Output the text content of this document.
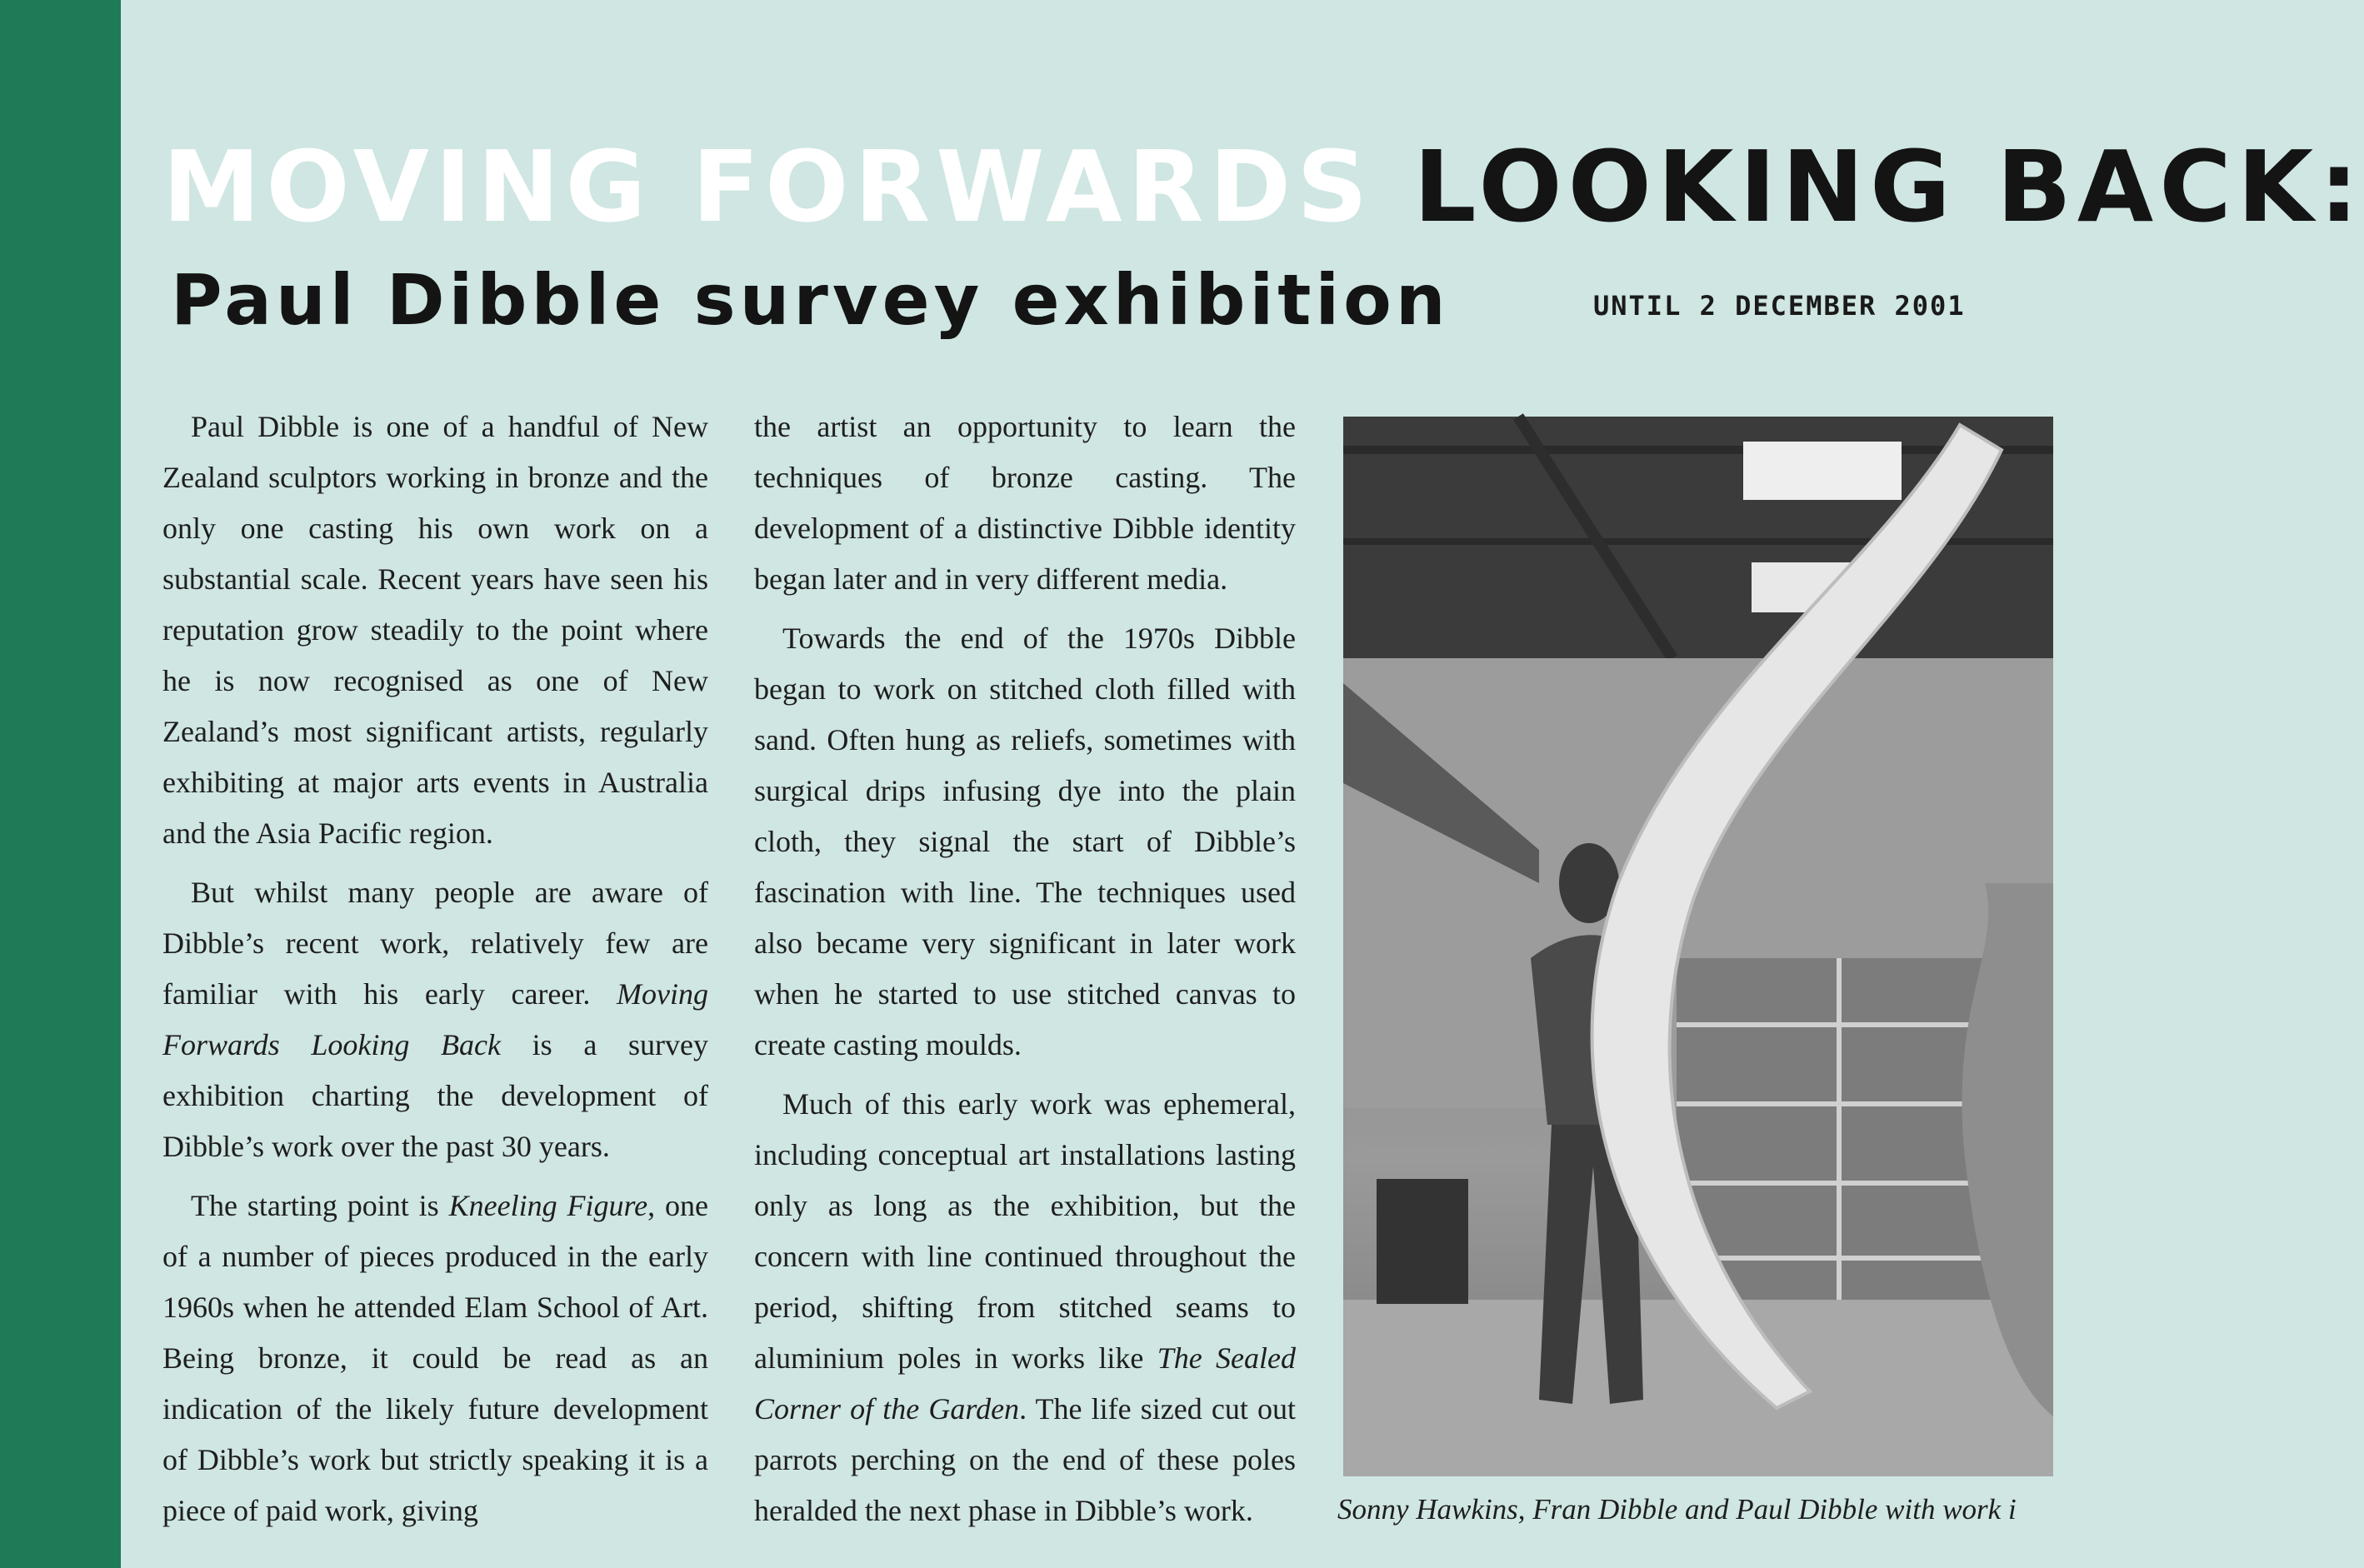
MOVING FORWARDS LOOKING BACK:
Paul Dibble survey exhibition	UNTIL 2 DECEMBER 2001

Paul Dibble is one of a handful of New Zealand sculptors working in bronze and the only one casting his own work on a substantial scale. Recent years have seen his reputation grow steadily to the point where he is now recognised as one of New Zealand’s most significant artists, regularly exhibiting at major arts events in Australia and the Asia Pacific region.

But whilst many people are aware of Dibble’s recent work, relatively few are familiar with his early career. Moving Forwards Looking Back is a survey exhibition charting the development of Dibble’s work over the past 30 years.

The starting point is Kneeling Figure, one of a number of pieces produced in the early 1960s when he attended Elam School of Art. Being bronze, it could be read as an indication of the likely future development of Dibble’s work but strictly speaking it is a piece of paid work, giving

the artist an opportunity to learn the techniques of bronze casting. The development of a distinctive Dibble identity began later and in very different media.

Towards the end of the 1970s Dibble began to work on stitched cloth filled with sand. Often hung as reliefs, sometimes with surgical drips infusing dye into the plain cloth, they signal the start of Dibble’s fascination with line. The techniques used also became very significant in later work when he started to use stitched canvas to create casting moulds.

Much of this early work was ephemeral, including conceptual art installations lasting only as long as the exhibition, but the concern with line continued throughout the period, shifting from stitched seams to aluminium poles in works like The Sealed Corner of the Garden. The life sized cut out parrots perching on the end of these poles heralded the next phase in Dibble’s work.	Sonny Hawkins, Fran Dibble and Paul Dibble with work i
